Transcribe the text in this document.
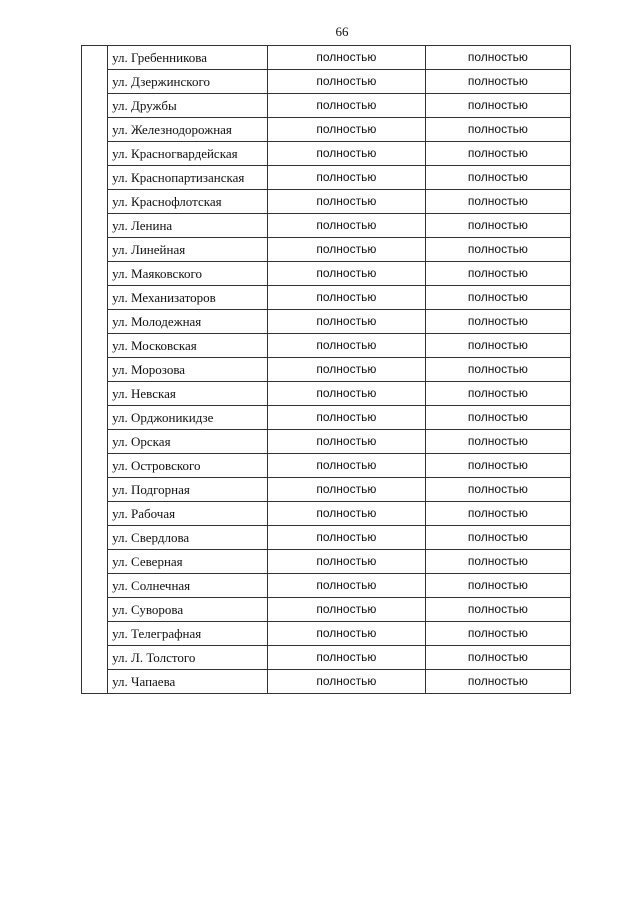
66
	ул. Гребенникова	полностью	полностью
	ул. Дзержинского	полностью	полностью
	ул. Дружбы	полностью	полностью
	ул. Железнодорожная	полностью	полностью
	ул. Красногвардейская	полностью	полностью
	ул. Краснопартизанская	полностью	полностью
	ул. Краснофлотская	полностью	полностью
	ул. Ленина	полностью	полностью
	ул. Линейная	полностью	полностью
	ул. Маяковского	полностью	полностью
	ул. Механизаторов	полностью	полностью
	ул. Молодежная	полностью	полностью
	ул. Московская	полностью	полностью
	ул. Морозова	полностью	полностью
	ул. Невская	полностью	полностью
	ул. Орджоникидзе	полностью	полностью
	ул. Орская	полностью	полностью
	ул. Островского	полностью	полностью
	ул. Подгорная	полностью	полностью
	ул. Рабочая	полностью	полностью
	ул. Свердлова	полностью	полностью
	ул. Северная	полностью	полностью
	ул. Солнечная	полностью	полностью
	ул. Суворова	полностью	полностью
	ул. Телеграфная	полностью	полностью
	ул. Л. Толстого	полностью	полностью
	ул. Чапаева	полностью	полностью
